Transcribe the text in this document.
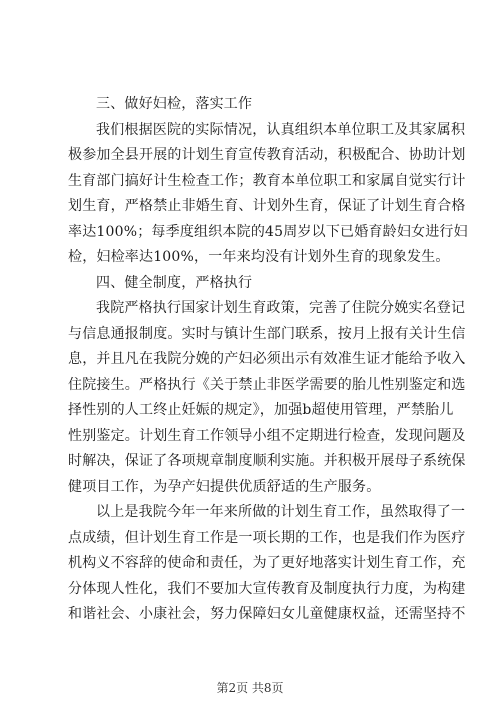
三、做好妇检，落实工作
我们根据医院的实际情况，认真组织本单位职工及其家属积
极参加全县开展的计划生育宣传教育活动，积极配合、协助计划
生育部门搞好计生检查工作；教育本单位职工和家属自觉实行计
划生育，严格禁止非婚生育、计划外生育，保证了计划生育合格
率达100%；每季度组织本院的45周岁以下已婚育龄妇女进行妇
检，妇检率达100%，一年来均没有计划外生育的现象发生。
四、健全制度，严格执行
我院严格执行国家计划生育政策，完善了住院分娩实名登记
与信息通报制度。实时与镇计生部门联系，按月上报有关计生信
息，并且凡在我院分娩的产妇必须出示有效准生证才能给予收入
住院接生。严格执行《关于禁止非医学需要的胎儿性别鉴定和选
择性别的人工终止妊娠的规定》，加强b超使用管理，严禁胎儿
性别鉴定。计划生育工作领导小组不定期进行检查，发现问题及
时解决，保证了各项规章制度顺利实施。并积极开展母子系统保
健项目工作，为孕产妇提供优质舒适的生产服务。
以上是我院今年一年来所做的计划生育工作，虽然取得了一
点成绩，但计划生育工作是一项长期的工作，也是我们作为医疗
机构义不容辞的使命和责任，为了更好地落实计划生育工作，充
分体现人性化，我们不要加大宣传教育及制度执行力度，为构建
和谐社会、小康社会，努力保障妇女儿童健康权益，还需坚持不
第2页 共8页
